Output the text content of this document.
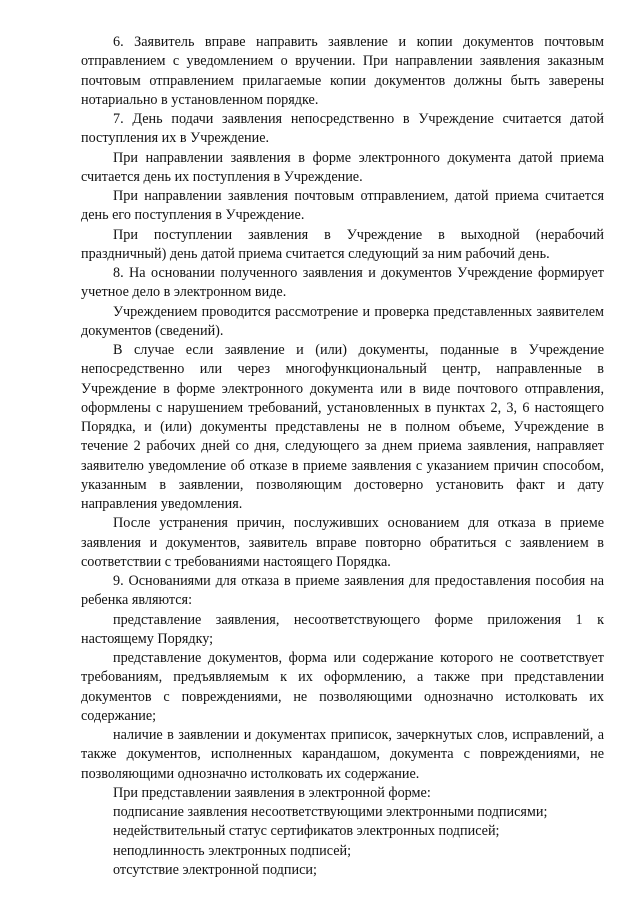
6. Заявитель вправе направить заявление и копии документов почтовым отправлением с уведомлением о вручении. При направлении заявления заказным почтовым отправлением прилагаемые копии документов должны быть заверены нотариально в установленном порядке.

7. День подачи заявления непосредственно в Учреждение считается датой поступления их в Учреждение.

При направлении заявления в форме электронного документа датой приема считается день их поступления в Учреждение.

При направлении заявления почтовым отправлением, датой приема считается день его поступления в Учреждение.

При поступлении заявления в Учреждение в выходной (нерабочий праздничный) день датой приема считается следующий за ним рабочий день.

8. На основании полученного заявления и документов Учреждение формирует учетное дело в электронном виде.

Учреждением проводится рассмотрение и проверка представленных заявителем документов (сведений).

В случае если заявление и (или) документы, поданные в Учреждение непосредственно или через многофункциональный центр, направленные в Учреждение в форме электронного документа или в виде почтового отправления, оформлены с нарушением требований, установленных в пунктах 2, 3, 6 настоящего Порядка, и (или) документы представлены не в полном объеме, Учреждение в течение 2 рабочих дней со дня, следующего за днем приема заявления, направляет заявителю уведомление об отказе в приеме заявления с указанием причин способом, указанным в заявлении, позволяющим достоверно установить факт и дату направления уведомления.

После устранения причин, послуживших основанием для отказа в приеме заявления и документов, заявитель вправе повторно обратиться с заявлением в соответствии с требованиями настоящего Порядка.

9. Основаниями для отказа в приеме заявления для предоставления пособия на ребенка являются:

представление заявления, несоответствующего форме приложения 1 к настоящему Порядку;

представление документов, форма или содержание которого не соответствует требованиям, предъявляемым к их оформлению, а также при представлении документов с повреждениями, не позволяющими однозначно истолковать их содержание;

наличие в заявлении и документах приписок, зачеркнутых слов, исправлений, а также документов, исполненных карандашом, документа с повреждениями, не позволяющими однозначно истолковать их содержание.

При представлении заявления в электронной форме:

подписание заявления несоответствующими электронными подписями;

недействительный статус сертификатов электронных подписей;

неподлинность электронных подписей;

отсутствие электронной подписи;
